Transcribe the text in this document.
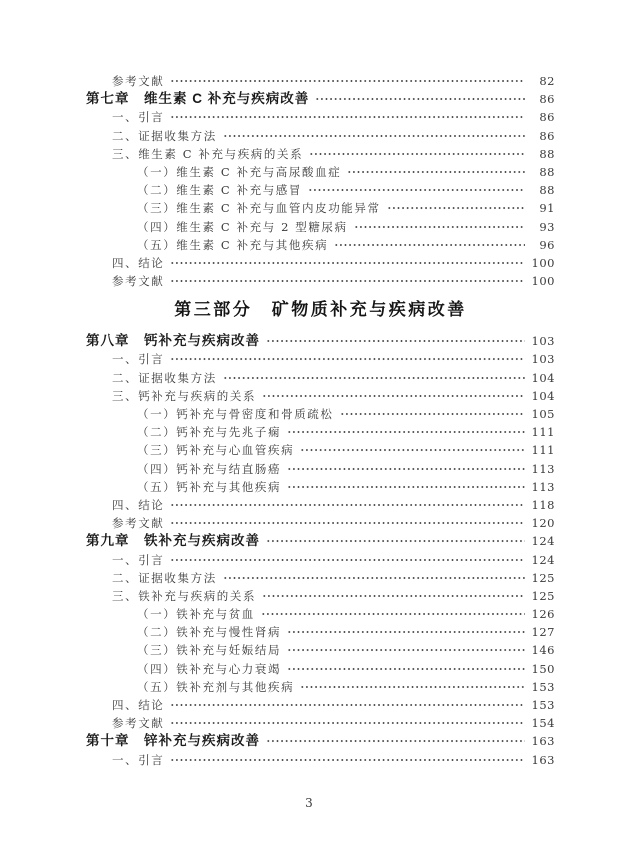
参考文献	82
第七章　维生素 C 补充与疾病改善	86
一、引言	86
二、证据收集方法	86
三、维生素 C 补充与疾病的关系	88
（一）维生素 C 补充与高尿酸血症	88
（二）维生素 C 补充与感冒	88
（三）维生素 C 补充与血管内皮功能异常	91
（四）维生素 C 补充与 2 型糖尿病	93
（五）维生素 C 补充与其他疾病	96
四、结论	100
参考文献	100
第三部分　矿物质补充与疾病改善
第八章　钙补充与疾病改善	103
一、引言	103
二、证据收集方法	104
三、钙补充与疾病的关系	104
（一）钙补充与骨密度和骨质疏松	105
（二）钙补充与先兆子痫	111
（三）钙补充与心血管疾病	111
（四）钙补充与结直肠癌	113
（五）钙补充与其他疾病	113
四、结论	118
参考文献	120
第九章　铁补充与疾病改善	124
一、引言	124
二、证据收集方法	125
三、铁补充与疾病的关系	125
（一）铁补充与贫血	126
（二）铁补充与慢性肾病	127
（三）铁补充与妊娠结局	146
（四）铁补充与心力衰竭	150
（五）铁补充剂与其他疾病	153
四、结论	153
参考文献	154
第十章　锌补充与疾病改善	163
一、引言	163
3
